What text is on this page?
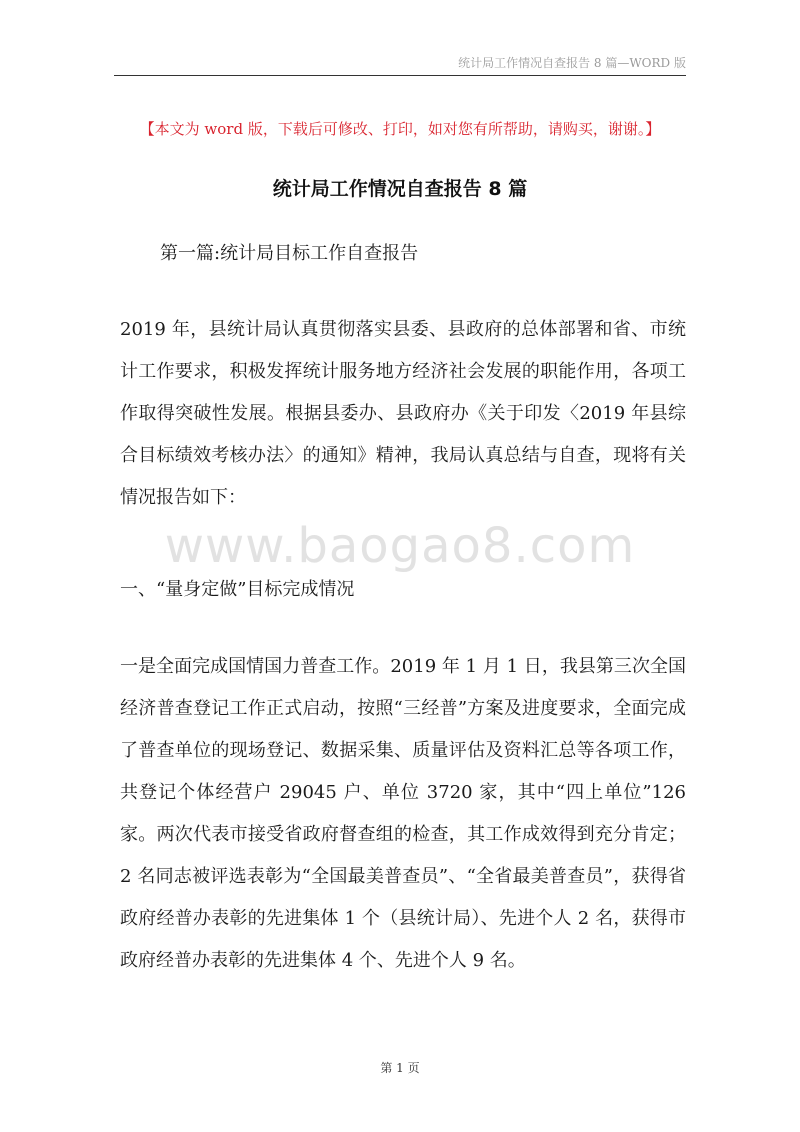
统计局工作情况自查报告 8 篇—WORD 版
【本文为 word 版，下载后可修改、打印，如对您有所帮助，请购买，谢谢。】
统计局工作情况自查报告 8 篇
第一篇:统计局目标工作自查报告

2019 年，县统计局认真贯彻落实县委、县政府的总体部署和省、市统计工作要求，积极发挥统计服务地方经济社会发展的职能作用，各项工作取得突破性发展。根据县委办、县政府办《关于印发〈2019 年县综合目标绩效考核办法〉的通知》精神，我局认真总结与自查，现将有关情况报告如下：

www.baogao8.com
一、“量身定做”目标完成情况

一是全面完成国情国力普查工作。2019 年 1 月 1 日，我县第三次全国经济普查登记工作正式启动，按照“三经普”方案及进度要求，全面完成了普查单位的现场登记、数据采集、质量评估及资料汇总等各项工作，共登记个体经营户 29045 户、单位 3720 家，其中“四上单位”126 家。两次代表市接受省政府督查组的检查，其工作成效得到充分肯定；2 名同志被评选表彰为“全国最美普查员”、“全省最美普查员”，获得省政府经普办表彰的先进集体 1 个（县统计局）、先进个人 2 名，获得市政府经普办表彰的先进集体 4 个、先进个人 9 名。

第 1 页
